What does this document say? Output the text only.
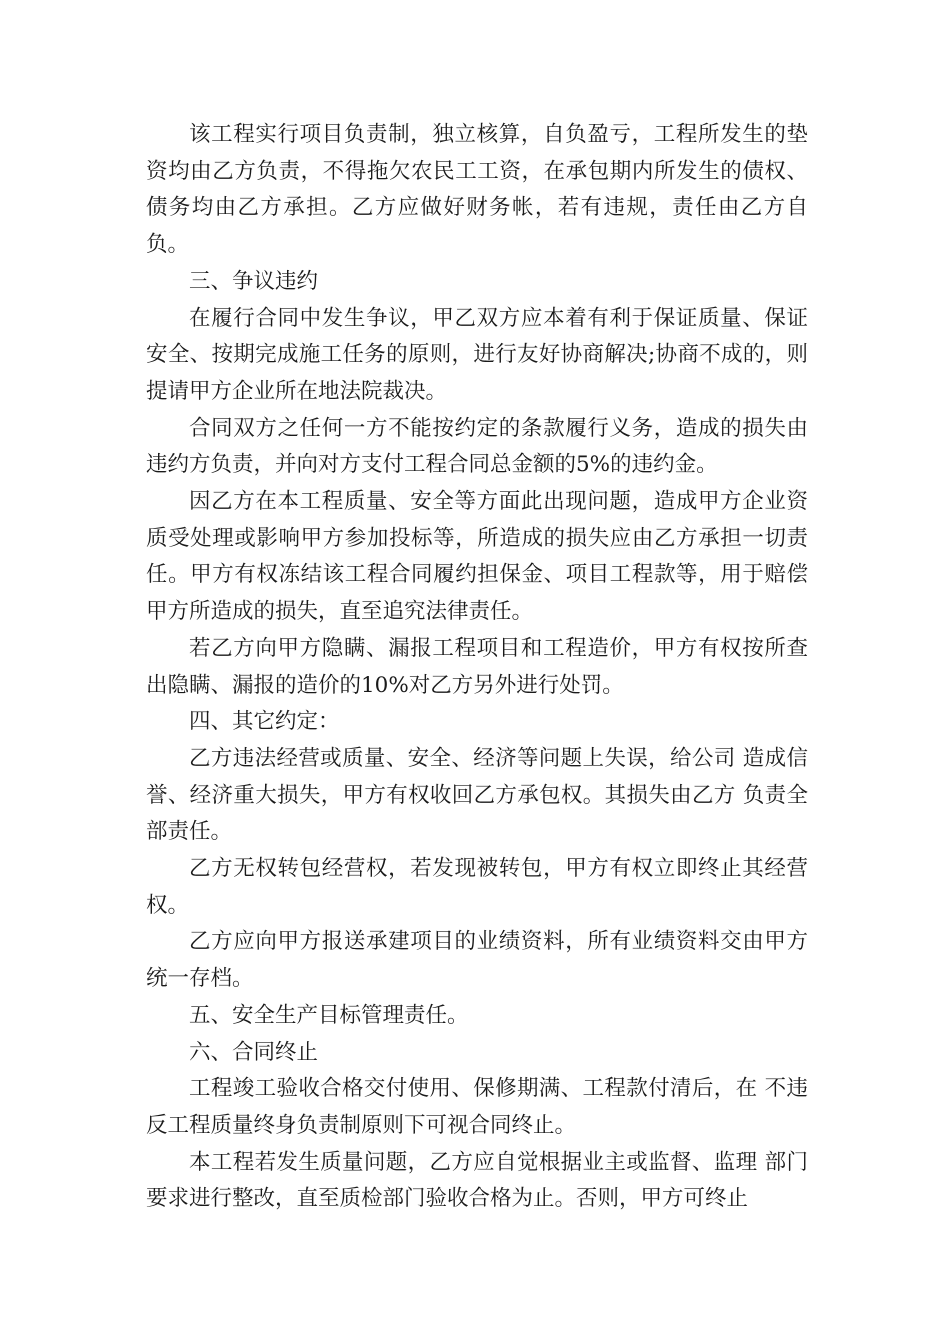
该工程实行项目负责制，独立核算，自负盈亏，工程所发生的垫资均由乙方负责，不得拖欠农民工工资，在承包期内所发生的债权、债务均由乙方承担。乙方应做好财务帐，若有违规，责任由乙方自负。

三、争议违约

在履行合同中发生争议，甲乙双方应本着有利于保证质量、保证安全、按期完成施工任务的原则，进行友好协商解决;协商不成的，则提请甲方企业所在地法院裁决。

合同双方之任何一方不能按约定的条款履行义务，造成的损失由违约方负责，并向对方支付工程合同总金额的5%的违约金。

因乙方在本工程质量、安全等方面此出现问题，造成甲方企业资质受处理或影响甲方参加投标等，所造成的损失应由乙方承担一切责任。甲方有权冻结该工程合同履约担保金、项目工程款等，用于赔偿甲方所造成的损失，直至追究法律责任。

若乙方向甲方隐瞒、漏报工程项目和工程造价，甲方有权按所查出隐瞒、漏报的造价的10%对乙方另外进行处罚。

四、其它约定：

乙方违法经营或质量、安全、经济等问题上失误，给公司 造成信誉、经济重大损失，甲方有权收回乙方承包权。其损失由乙方 负责全部责任。

乙方无权转包经营权，若发现被转包，甲方有权立即终止其经营权。

乙方应向甲方报送承建项目的业绩资料，所有业绩资料交由甲方统一存档。

五、安全生产目标管理责任。

六、合同终止

工程竣工验收合格交付使用、保修期满、工程款付清后，在 不违反工程质量终身负责制原则下可视合同终止。

本工程若发生质量问题，乙方应自觉根据业主或监督、监理 部门要求进行整改，直至质检部门验收合格为止。否则，甲方可终止
